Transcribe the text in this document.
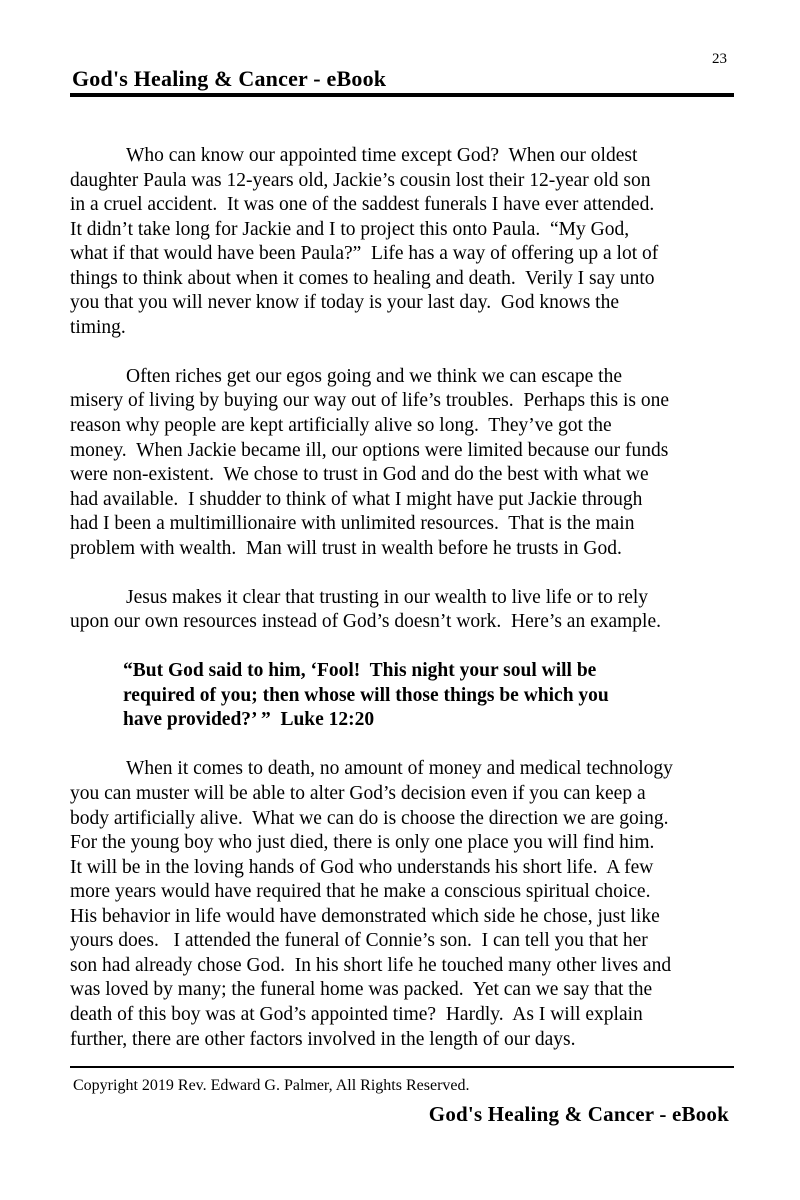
23
God's Healing & Cancer - eBook
Who can know our appointed time except God?  When our oldest
daughter Paula was 12-years old, Jackie’s cousin lost their 12-year old son
in a cruel accident.  It was one of the saddest funerals I have ever attended.
It didn’t take long for Jackie and I to project this onto Paula.  “My God,
what if that would have been Paula?”  Life has a way of offering up a lot of
things to think about when it comes to healing and death.  Verily I say unto
you that you will never know if today is your last day.  God knows the
timing.
Often riches get our egos going and we think we can escape the
misery of living by buying our way out of life’s troubles.  Perhaps this is one
reason why people are kept artificially alive so long.  They’ve got the
money.  When Jackie became ill, our options were limited because our funds
were non-existent.  We chose to trust in God and do the best with what we
had available.  I shudder to think of what I might have put Jackie through
had I been a multimillionaire with unlimited resources.  That is the main
problem with wealth.  Man will trust in wealth before he trusts in God.
Jesus makes it clear that trusting in our wealth to live life or to rely
upon our own resources instead of God’s doesn’t work.  Here’s an example.
“But God said to him, ‘Fool!  This night your soul will be
required of you; then whose will those things be which you
have provided?’ ”  Luke 12:20
When it comes to death, no amount of money and medical technology
you can muster will be able to alter God’s decision even if you can keep a
body artificially alive.  What we can do is choose the direction we are going.
For the young boy who just died, there is only one place you will find him.
It will be in the loving hands of God who understands his short life.  A few
more years would have required that he make a conscious spiritual choice.
His behavior in life would have demonstrated which side he chose, just like
yours does.   I attended the funeral of Connie’s son.  I can tell you that her
son had already chose God.  In his short life he touched many other lives and
was loved by many; the funeral home was packed.  Yet can we say that the
death of this boy was at God’s appointed time?  Hardly.  As I will explain
further, there are other factors involved in the length of our days.
Copyright 2019 Rev. Edward G. Palmer, All Rights Reserved.
God's Healing & Cancer - eBook
